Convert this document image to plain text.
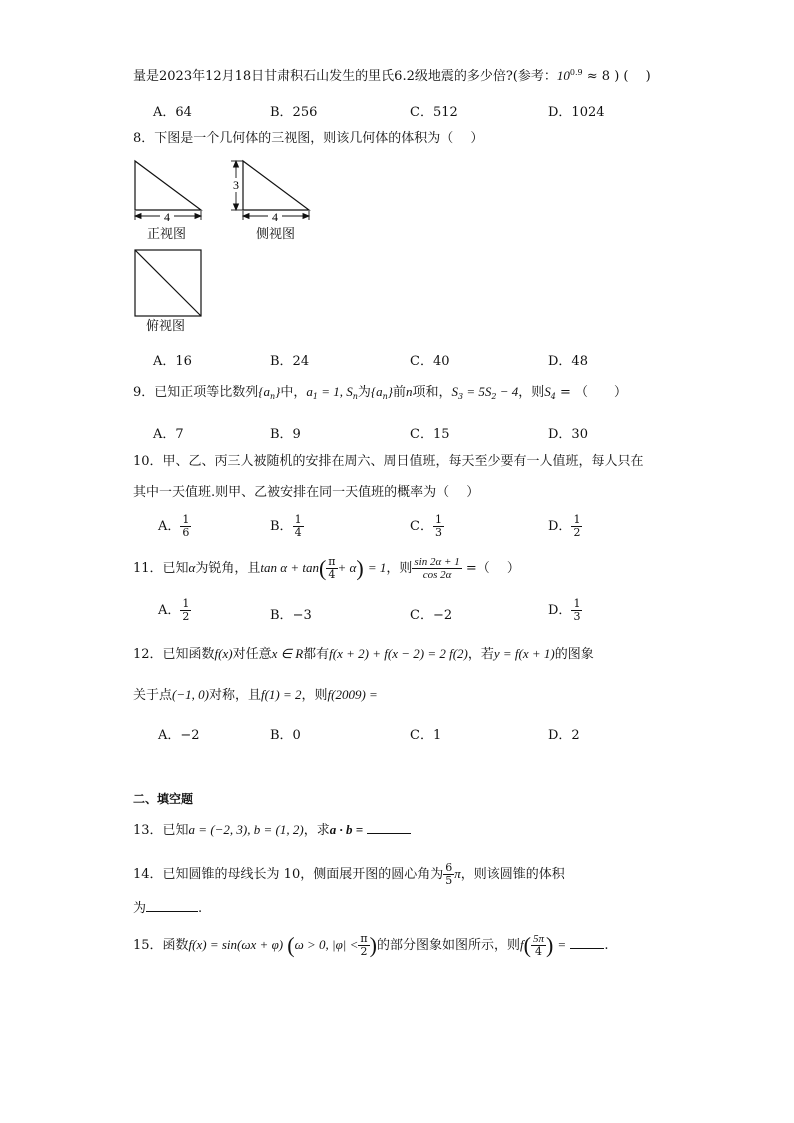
量是2023年12月18日甘肃积石山发生的里氏6.2级地震的多少倍?(参考：$10^{0.9} \approx 8$ ) (　 )
A．64	B．256	C．512	D．1024
8．下图是一个几何体的三视图，则该几何体的体积为（　 ）
4
3
4
正视图	侧视图
俯视图
A．16	B．24	C．40	D．48
9．已知正项等比数列$\{a_n\}$中，$a_1 = 1$, $S_n$为$\{a_n\}$前n项和，$S_3 = 5S_2 - 4$，则$S_4$ = （　　）
A．7	B．9	C．15	D．30
10．甲、乙、丙三人被随机的安排在周六、周日值班，每天至少要有一人值班，每人只在
其中一天值班.则甲、乙被安排在同一天值班的概率为（　 ）
A． $\frac{1}{6}$	B． $\frac{1}{4}$	C． $\frac{1}{3}$	D． $\frac{1}{2}$
11．已知α为锐角，且$\tan \alpha + \tan( \frac{\pi}{4} + \alpha) = 1$，则 $\frac{\sin 2\alpha + 1}{\cos 2\alpha}$ =（　 ）
A． $\frac{1}{2}$	B．−3	C．−2	D． $\frac{1}{3}$
12．已知函数f(x)对任意x ∈ R都有f(x + 2) + f(x − 2) = 2 f(2)，若y = f(x + 1)的图象
关于点(−1, 0)对称，且f(1) = 2，则f(2009) =
A．−2	B．0	C．1	D．2
二、填空题
13．已知a = (−2, 3), b = (1, 2)，求a · b =
14．已知圆锥的母线长为 10，侧面展开图的圆心角为 $\frac{6}{5}$ π，则该圆锥的体积
为	.
15．函数f(x) = sin(ωx + φ) (ω > 0, $|\varphi| < \frac{\pi}{2}$ )的部分图象如图所示，则$f( \frac{5\pi}{4}$ ) =	.
